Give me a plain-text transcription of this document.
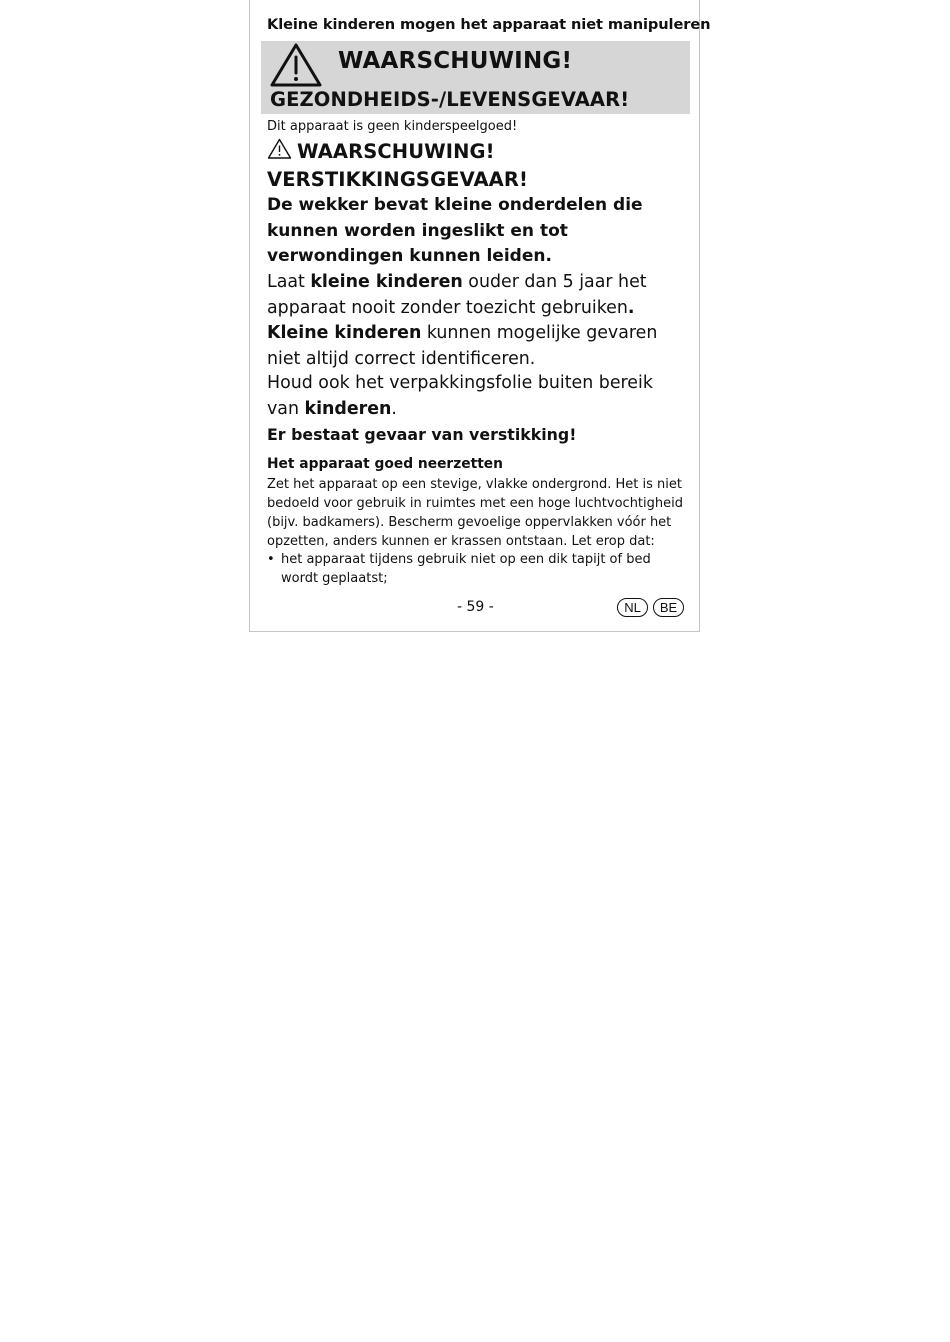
Kleine kinderen mogen het apparaat niet manipuleren

WAARSCHUWING!
GEZONDHEIDS-/LEVENSGEVAAR!

Dit apparaat is geen kinderspeelgoed!

WAARSCHUWING!

VERSTIKKINGSGEVAAR!

De wekker bevat kleine onderdelen die kunnen worden ingeslikt en tot verwondingen kunnen leiden.

Laat kleine kinderen ouder dan 5 jaar het apparaat nooit zonder toezicht gebruiken. Kleine kinderen kunnen mogelijke gevaren niet altijd correct identificeren.

Houd ook het verpakkingsfolie buiten bereik van kinderen.

Er bestaat gevaar van verstikking!

Het apparaat goed neerzetten

Zet het apparaat op een stevige, vlakke ondergrond. Het is niet bedoeld voor gebruik in ruimtes met een hoge luchtvochtigheid (bijv. badkamers). Bescherm gevoelige oppervlakken vóór het opzetten, anders kunnen er krassen ontstaan. Let erop dat:

• het apparaat tijdens gebruik niet op een dik tapijt of bed wordt geplaatst;

- 59 -	NL	BE
